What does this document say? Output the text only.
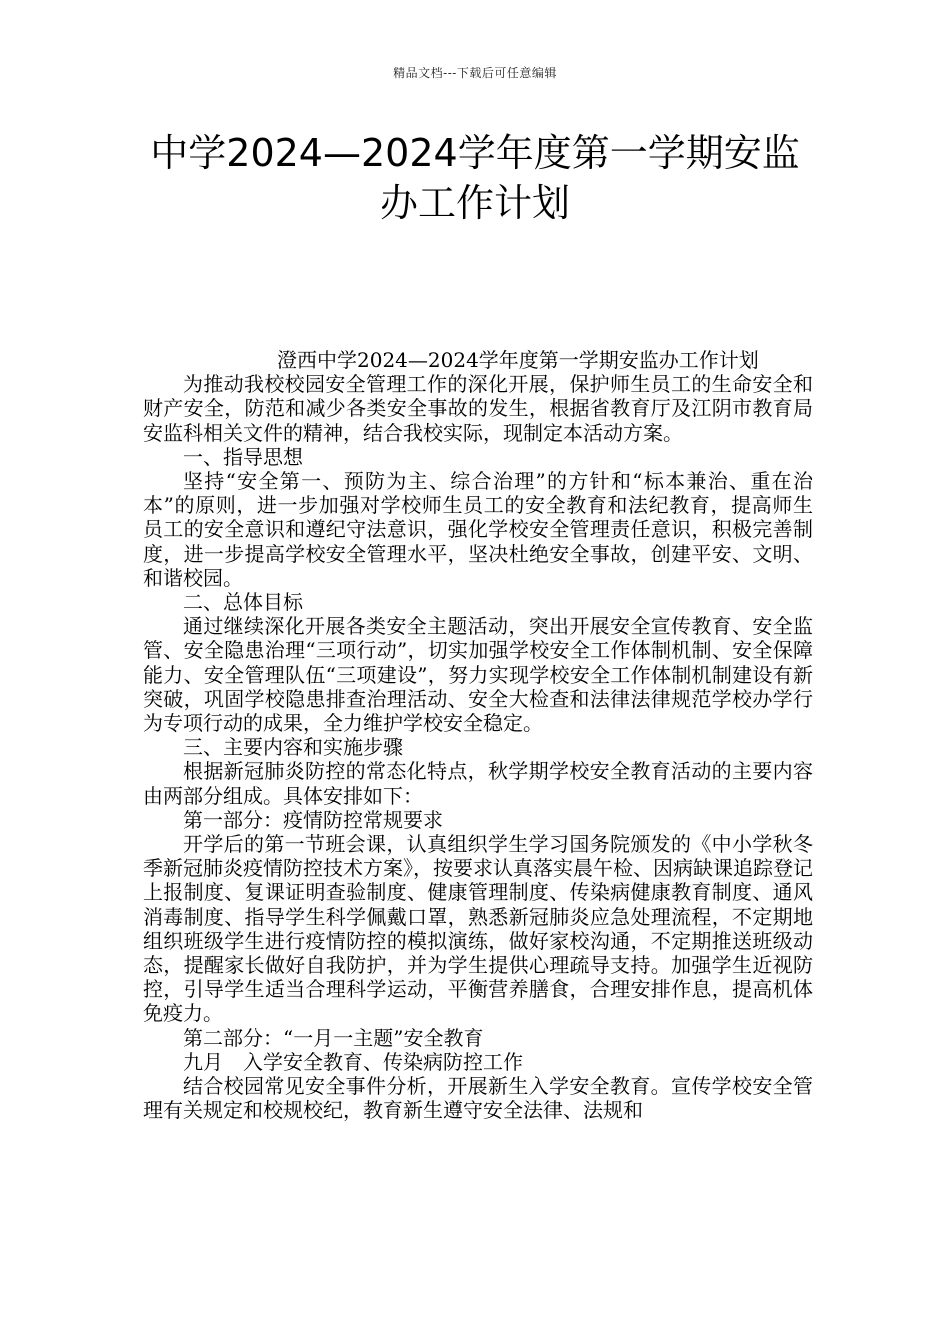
精品文档---下载后可任意编辑
中学2024—2024学年度第一学期安监
办工作计划

澄西中学2024—2024学年度第一学期安监办工作计划

为推动我校校园安全管理工作的深化开展，保护师生员工的生命安全和财产安全，防范和减少各类安全事故的发生，根据省教育厅及江阴市教育局安监科相关文件的精神，结合我校实际，现制定本活动方案。

一、指导思想

坚持“安全第一、预防为主、综合治理”的方针和“标本兼治、重在治本”的原则，进一步加强对学校师生员工的安全教育和法纪教育，提高师生员工的安全意识和遵纪守法意识，强化学校安全管理责任意识，积极完善制度，进一步提高学校安全管理水平，坚决杜绝安全事故，创建平安、文明、和谐校园。

二、总体目标

通过继续深化开展各类安全主题活动，突出开展安全宣传教育、安全监管、安全隐患治理“三项行动”，切实加强学校安全工作体制机制、安全保障能力、安全管理队伍“三项建设”，努力实现学校安全工作体制机制建设有新突破，巩固学校隐患排查治理活动、安全大检查和法律法律规范学校办学行为专项行动的成果，全力维护学校安全稳定。

三、主要内容和实施步骤

根据新冠肺炎防控的常态化特点，秋学期学校安全教育活动的主要内容由两部分组成。具体安排如下：

第一部分：疫情防控常规要求

开学后的第一节班会课，认真组织学生学习国务院颁发的《中小学秋冬季新冠肺炎疫情防控技术方案》，按要求认真落实晨午检、因病缺课追踪登记上报制度、复课证明查验制度、健康管理制度、传染病健康教育制度、通风消毒制度、指导学生科学佩戴口罩，熟悉新冠肺炎应急处理流程，不定期地组织班级学生进行疫情防控的模拟演练，做好家校沟通，不定期推送班级动态，提醒家长做好自我防护，并为学生提供心理疏导支持。加强学生近视防控，引导学生适当合理科学运动，平衡营养膳食，合理安排作息，提高机体免疫力。

第二部分：“一月一主题”安全教育

九月　入学安全教育、传染病防控工作

结合校园常见安全事件分析，开展新生入学安全教育。宣传学校安全管理有关规定和校规校纪，教育新生遵守安全法律、法规和
